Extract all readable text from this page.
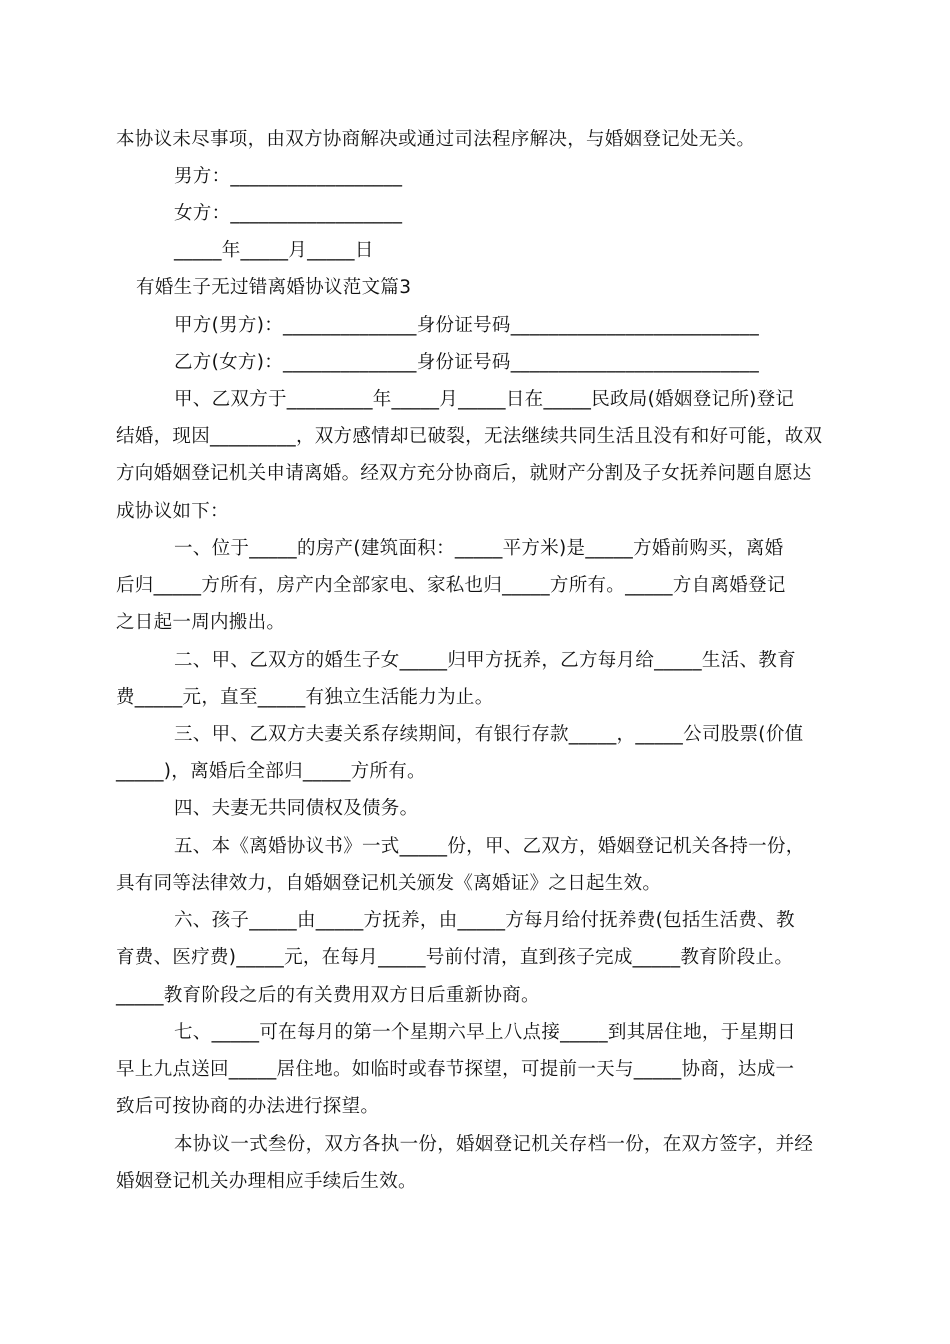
本协议未尽事项，由双方协商解决或通过司法程序解决，与婚姻登记处无关。
男方：__________________
女方：__________________
_____年_____月_____日
有婚生子无过错离婚协议范文篇3
甲方(男方)：______________身份证号码__________________________
乙方(女方)：______________身份证号码__________________________
甲、乙双方于_________年_____月_____日在_____民政局(婚姻登记所)登记
结婚，现因_________，双方感情却已破裂，无法继续共同生活且没有和好可能，故双
方向婚姻登记机关申请离婚。经双方充分协商后，就财产分割及子女抚养问题自愿达
成协议如下：
一、位于_____的房产(建筑面积：_____平方米)是_____方婚前购买，离婚
后归_____方所有，房产内全部家电、家私也归_____方所有。_____方自离婚登记
之日起一周内搬出。
二、甲、乙双方的婚生子女_____归甲方抚养，乙方每月给_____生活、教育
费_____元，直至_____有独立生活能力为止。
三、甲、乙双方夫妻关系存续期间，有银行存款_____，_____公司股票(价值
_____)，离婚后全部归_____方所有。
四、夫妻无共同债权及债务。
五、本《离婚协议书》一式_____份，甲、乙双方，婚姻登记机关各持一份，
具有同等法律效力，自婚姻登记机关颁发《离婚证》之日起生效。
六、孩子_____由_____方抚养，由_____方每月给付抚养费(包括生活费、教
育费、医疗费)_____元，在每月_____号前付清，直到孩子完成_____教育阶段止。
_____教育阶段之后的有关费用双方日后重新协商。
七、_____可在每月的第一个星期六早上八点接_____到其居住地，于星期日
早上九点送回_____居住地。如临时或春节探望，可提前一天与_____协商，达成一
致后可按协商的办法进行探望。
本协议一式叁份，双方各执一份，婚姻登记机关存档一份，在双方签字，并经
婚姻登记机关办理相应手续后生效。
